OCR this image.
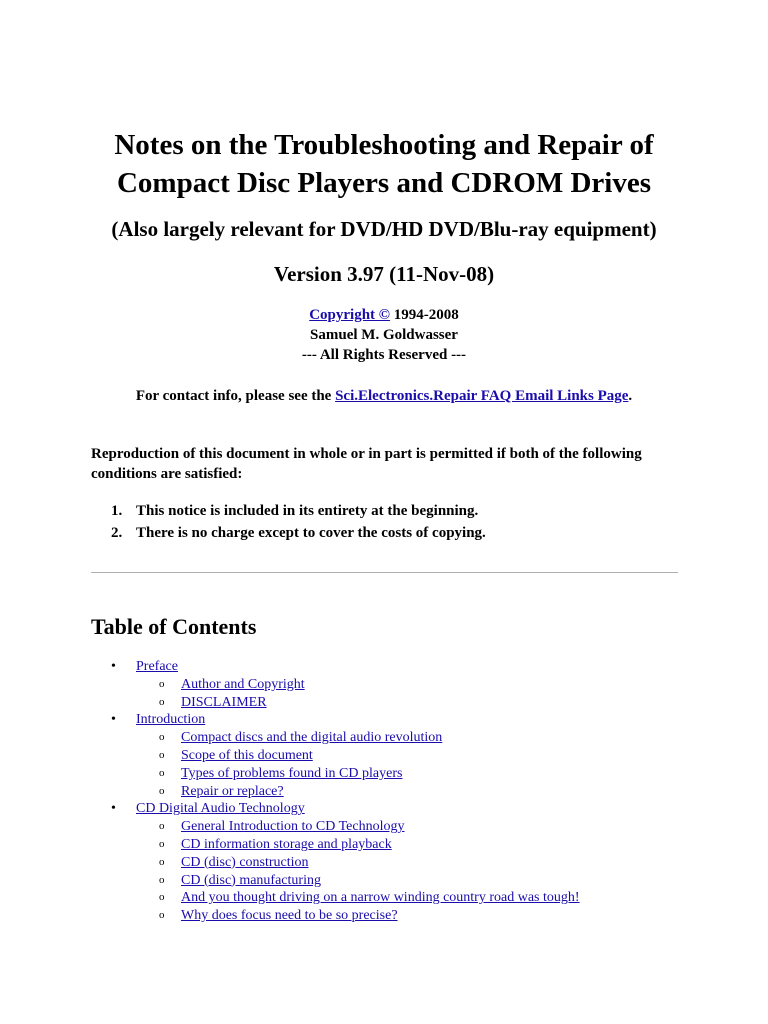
Notes on the Troubleshooting and Repair of
Compact Disc Players and CDROM Drives
(Also largely relevant for DVD/HD DVD/Blu-ray equipment)
Version 3.97 (11-Nov-08)
Copyright © 1994-2008
Samuel M. Goldwasser
--- All Rights Reserved ---
For contact info, please see the Sci.Electronics.Repair FAQ Email Links Page.
Reproduction of this document in whole or in part is permitted if both of the following conditions are satisfied:
1. This notice is included in its entirety at the beginning.
2. There is no charge except to cover the costs of copying.
Table of Contents
• Preface
o Author and Copyright
o DISCLAIMER
• Introduction
o Compact discs and the digital audio revolution
o Scope of this document
o Types of problems found in CD players
o Repair or replace?
• CD Digital Audio Technology
o General Introduction to CD Technology
o CD information storage and playback
o CD (disc) construction
o CD (disc) manufacturing
o And you thought driving on a narrow winding country road was tough!
o Why does focus need to be so precise?
